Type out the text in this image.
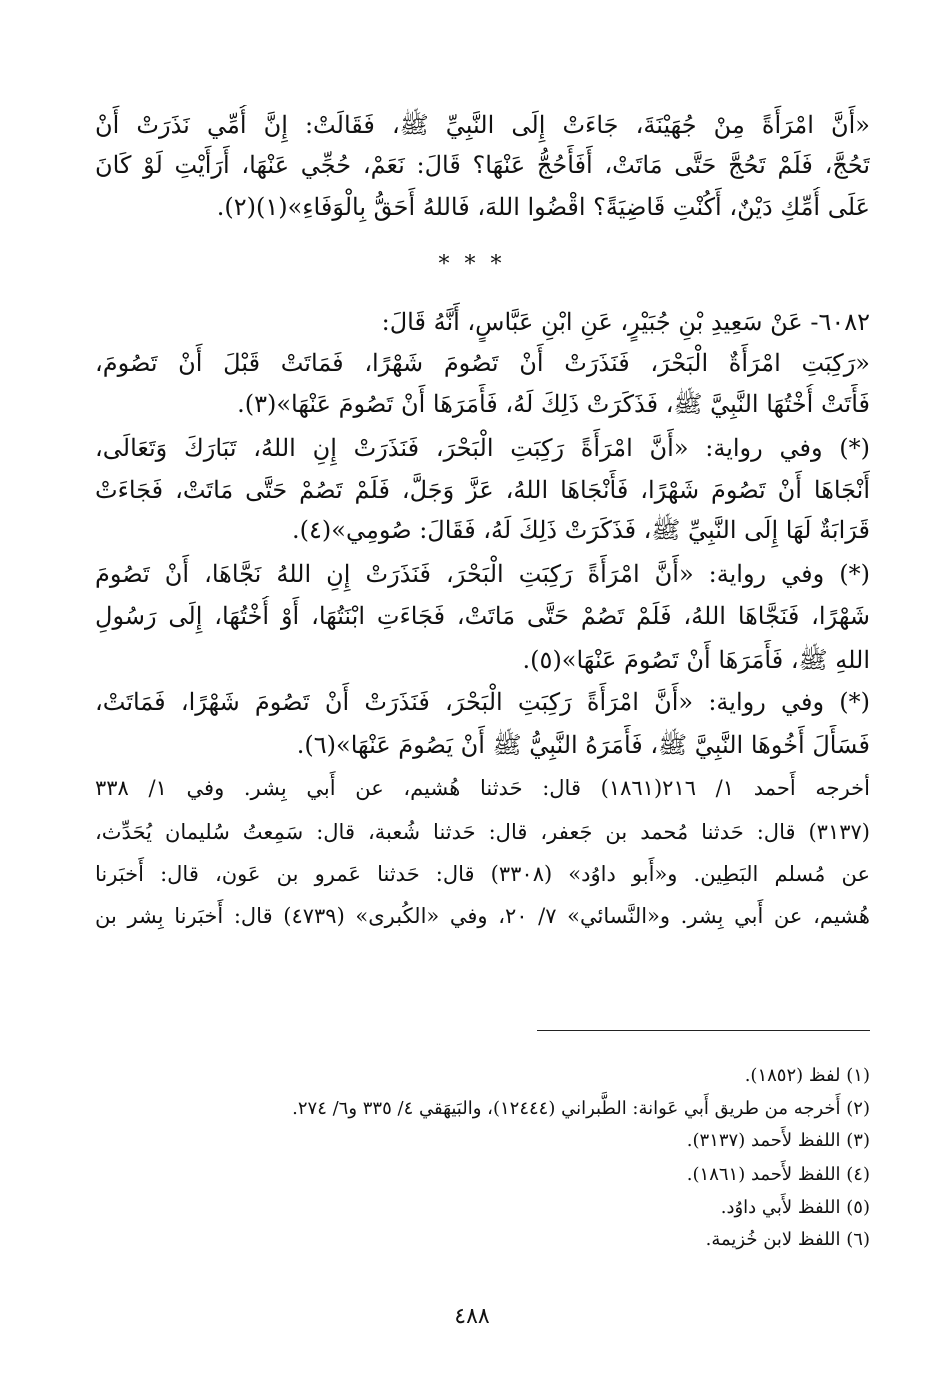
«أَنَّ امْرَأَةً مِنْ جُهَيْنَةَ، جَاءَتْ إِلَى النَّبِيِّ ﷺ، فَقَالَتْ: إِنَّ أُمِّي نَذَرَتْ أَنْ
تَحُجَّ، فَلَمْ تَحُجَّ حَتَّى مَاتَتْ، أَفَأَحُجُّ عَنْهَا؟ قَالَ: نَعَمْ، حُجِّي عَنْهَا، أَرَأَيْتِ لَوْ كَانَ
عَلَى أُمِّكِ دَيْنٌ، أَكُنْتِ قَاضِيَةً؟ اقْضُوا اللهَ، فَاللهُ أَحَقُّ بِالْوَفَاءِ»(١)(٢).
* * *
٦٠٨٢- عَنْ سَعِيدِ بْنِ جُبَيْرٍ، عَنِ ابْنِ عَبَّاسٍ، أَنَّهُ قَالَ:
«رَكِبَتِ امْرَأَةٌ الْبَحْرَ، فَنَذَرَتْ أَنْ تَصُومَ شَهْرًا، فَمَاتَتْ قَبْلَ أَنْ تَصُومَ،
فَأَتَتْ أُخْتُهَا النَّبِيَّ ﷺ، فَذَكَرَتْ ذَلِكَ لَهُ، فَأَمَرَهَا أَنْ تَصُومَ عَنْهَا»(٣).
(*) وفي رواية: «أَنَّ امْرَأَةً رَكِبَتِ الْبَحْرَ، فَنَذَرَتْ إِنِ اللهُ، تَبَارَكَ وَتَعَالَى،
أَنْجَاهَا أَنْ تَصُومَ شَهْرًا، فَأَنْجَاهَا اللهُ، عَزَّ وَجَلَّ، فَلَمْ تَصُمْ حَتَّى مَاتَتْ، فَجَاءَتْ
قَرَابَةٌ لَهَا إِلَى النَّبِيِّ ﷺ، فَذَكَرَتْ ذَلِكَ لَهُ، فَقَالَ: صُومِي»(٤).
(*) وفي رواية: «أَنَّ امْرَأَةً رَكِبَتِ الْبَحْرَ، فَنَذَرَتْ إِنِ اللهُ نَجَّاهَا، أَنْ تَصُومَ
شَهْرًا، فَنَجَّاهَا اللهُ، فَلَمْ تَصُمْ حَتَّى مَاتَتْ، فَجَاءَتِ ابْنَتُهَا، أَوْ أُخْتُهَا، إِلَى رَسُولِ
اللهِ ﷺ، فَأَمَرَهَا أَنْ تَصُومَ عَنْهَا»(٥).
(*) وفي رواية: «أَنَّ امْرَأَةً رَكِبَتِ الْبَحْرَ، فَنَذَرَتْ أَنْ تَصُومَ شَهْرًا، فَمَاتَتْ،
فَسَأَلَ أَخُوهَا النَّبِيَّ ﷺ، فَأَمَرَهُ النَّبِيُّ ﷺ أَنْ يَصُومَ عَنْهَا»(٦).
أخرجه أَحمد ١/ ٢١٦(١٨٦١) قال: حَدثنا هُشيم، عن أَبي بِشر. وفي ١/ ٣٣٨
(٣١٣٧) قال: حَدثنا مُحمد بن جَعفر، قال: حَدثنا شُعبة، قال: سَمِعتُ سُليمان يُحَدِّث،
عن مُسلم البَطِين. و«أَبو داوُد» (٣٣٠٨) قال: حَدثنا عَمرو بن عَون، قال: أَخبَرنا
هُشيم، عن أَبي بِشر. و«النَّسائي» ٧/ ٢٠، وفي «الكُبرى» (٤٧٣٩) قال: أَخبَرنا بِشر بن
(١) لفظ (١٨٥٢).
(٢) أَخرجه من طريق أَبي عَوانة: الطَّبراني (١٢٤٤٤)، والبَيهَقي ٤/ ٣٣٥ و٦/ ٢٧٤.
(٣) اللفظ لأَحمد (٣١٣٧).
(٤) اللفظ لأَحمد (١٨٦١).
(٥) اللفظ لأَبي داوُد.
(٦) اللفظ لابن خُزيمة.
٤٨٨
